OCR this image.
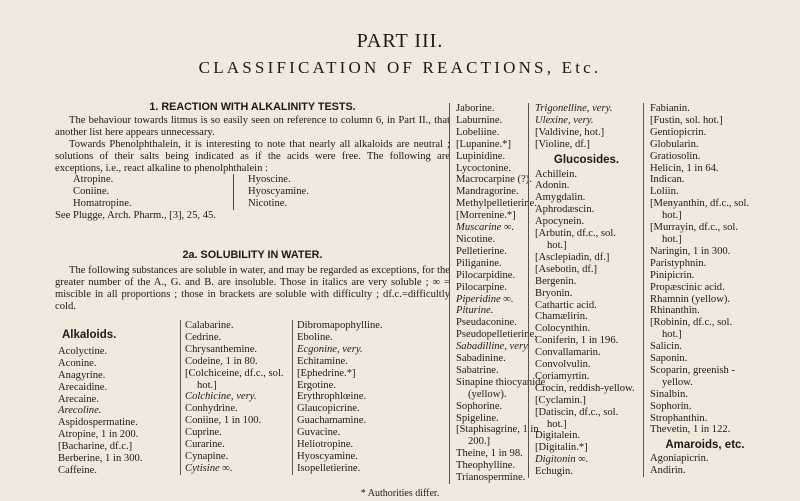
PART III.
CLASSIFICATION OF REACTIONS, Etc.
1. REACTION WITH ALKALINITY TESTS.
The behaviour towards litmus is so easily seen on reference to column 6, in Part II., that another list here appears unnecessary.
Towards Phenolphthalein, it is interesting to note that nearly all alkaloids are neutral ; solutions of their salts being indicated as if the acids were free. The following are exceptions, i.e., react alkaline to phenolphthalein :
Atropine.
Coniine.
Homatropine.
Hyoscine.
Hyoscyamine.
Nicotine.
See Plugge, Arch. Pharm., [3], 25, 45.
2a. SOLUBILITY IN WATER.
The following substances are soluble in water, and may be regarded as exceptions, for the greater number of the A., G. and B. are insoluble. Those in italics are very soluble ; ∞ = miscible in all proportions ; those in brackets are soluble with difficulty ; df.c.=difficultly cold.
Alkaloids.
Acolyctine.
Aconine.
Anagyrine.
Arecaidine.
Arecaine.
Arecoline.
Aspidospermatine.
Atropine, 1 in 200.
[Bacharine, df.c.]
Berberine, 1 in 300.
Caffeine.
Calabarine.
Cedrine.
Chrysanthemine.
Codeine, 1 in 80.
[Colchiceine, df.c., sol.
hot.]
Colchicine, very.
Conhydrine.
Coniine, 1 in 100.
Cuprine.
Curarine.
Cynapine.
Cytisine ∞.
Dibromapophylline.
Eboline.
Ecgonine, very.
Echitamine.
[Ephedrine.*]
Ergotine.
Erythrophlœine.
Glaucopicrine.
Guachamamine.
Guvacine.
Heliotropine.
Hyoscyamine.
Isopelletierine.
Jaborine.
Laburnine.
Lobeliine.
[Lupanine.*]
Lupinidine.
Lycoctonine.
Macrocarpine (?).
Mandragorine.
Methylpelletierine.
[Morrenine.*]
Muscarine ∞.
Nicotine.
Pelletierine.
Piliganine.
Pilocarpidine.
Pilocarpine.
Piperidine ∞.
Piturine.
Pseudaconine.
Pseudopelletierine.
Sabadilline, very.
Sabadinine.
Sabatrine.
Sinapine thiocyanide
(yellow).
Sophorine.
Spigeline.
[Staphisagrine, 1 in
200.]
Theine, 1 in 98.
Theophylline.
Trianospermine.
Trigonelline, very.
Ulexine, very.
[Valdivine, hot.]
[Violine, df.]
Glucosides.
Achillein.
Adonin.
Amygdalin.
Aphrodæscin.
Apocynein.
[Arbutin, df.c., sol.
hot.]
[Asclepiadin, df.]
[Asebotin, df.]
Bergenin.
Bryonin.
Cathartic acid.
Chamælirin.
Colocynthin.
Coniferin, 1 in 196.
Convallamarin.
Convolvulin.
Coriamyrtin.
Crocin, reddish-yellow.
[Cyclamin.]
[Datiscin, df.c., sol.
hot.]
Digitalein.
[Digitalin.*]
Digitonin ∞.
Echugin.
Fabianin.
[Fustin, sol. hot.]
Gentiopicrin.
Globularin.
Gratiosolin.
Helicin, 1 in 64.
Indican.
Loliin.
[Menyanthin, df.c., sol.
hot.]
[Murrayin, df.c., sol.
hot.]
Naringin, 1 in 300.
Paristyphnin.
Pinipicrin.
Propæscinic acid.
Rhamnin (yellow).
Rhinanthin.
[Robinin, df.c., sol.
hot.]
Salicin.
Saponin.
Scoparin, greenish -
yellow.
Sinalbin.
Sophorin.
Strophanthin.
Thevetin, 1 in 122.
Amaroids, etc.
Agoniapicrin.
Andirin.
* Authorities differ.
